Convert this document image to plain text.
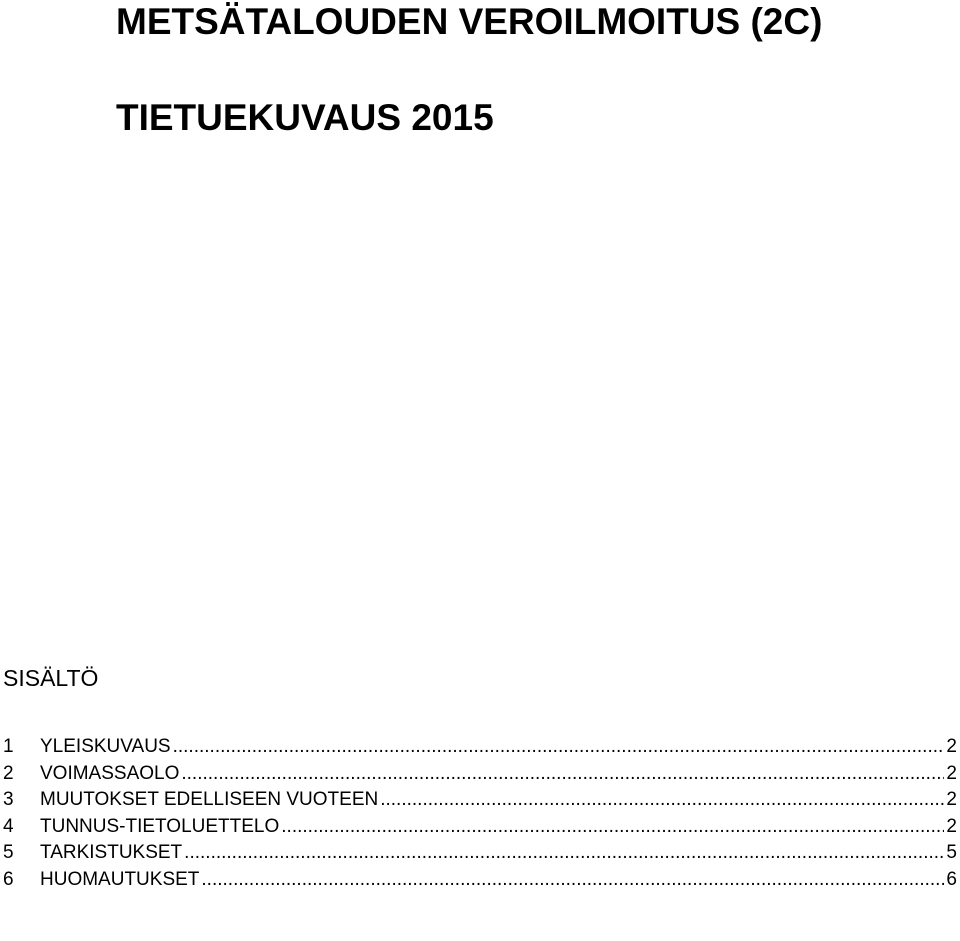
METSÄTALOUDEN VEROILMOITUS (2C)
TIETUEKUVAUS 2015
SISÄLTÖ
1	YLEISKUVAUS .....	2
2	VOIMASSAOLO .....	2
3	MUUTOKSET EDELLISEEN VUOTEEN .....	2
4	TUNNUS-TIETOLUETTELO .....	2
5	TARKISTUKSET .....	5
6	HUOMAUTUKSET .....	6
